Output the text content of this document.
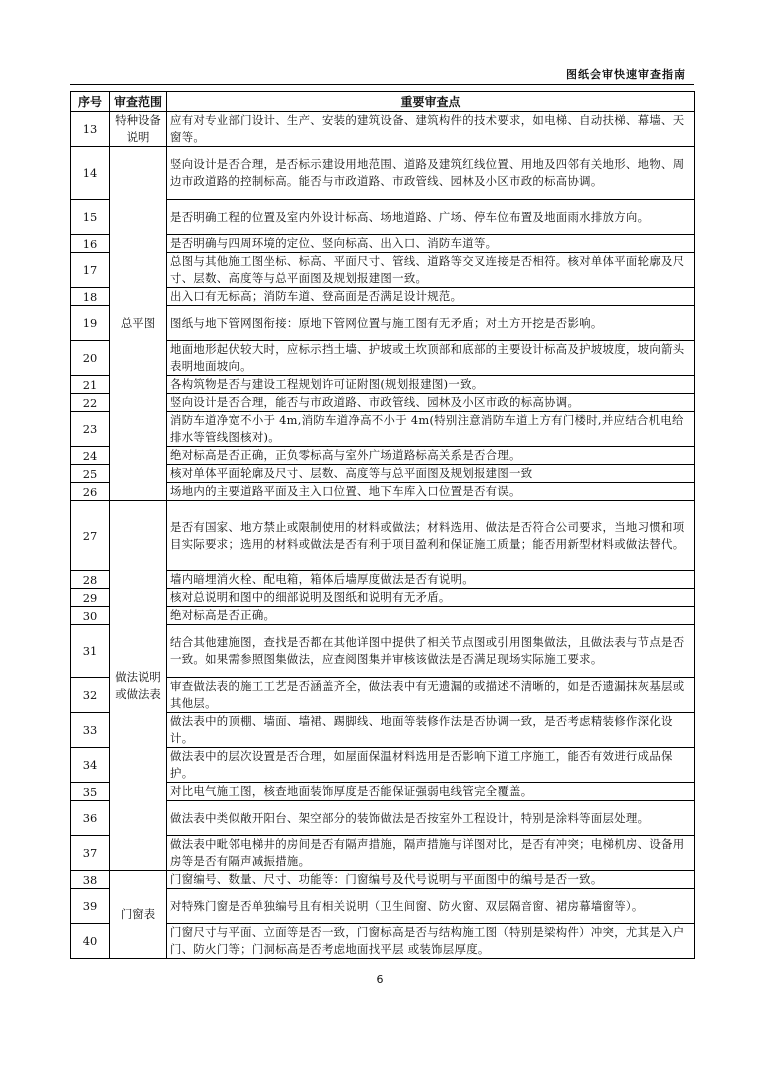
图纸会审快速审查指南
序号	审查范围	重要审查点
13	特种设备说明	应有对专业部门设计、生产、安装的建筑设备、建筑构件的技术要求，如电梯、自动扶梯、幕墙、天窗等。
14	总平图	竖向设计是否合理，是否标示建设用地范围、道路及建筑红线位置、用地及四邻有关地形、地物、周边市政道路的控制标高。能否与市政道路、市政管线、园林及小区市政的标高协调。
15		是否明确工程的位置及室内外设计标高、场地道路、广场、停车位布置及地面雨水排放方向。
16		是否明确与四周环境的定位、竖向标高、出入口、消防车道等。
17		总图与其他施工图坐标、标高、平面尺寸、管线、道路等交叉连接是否相符。核对单体平面轮廓及尺寸、层数、高度等与总平面图及规划报建图一致。
18		出入口有无标高；消防车道、登高面是否满足设计规范。
19		图纸与地下管网图衔接：原地下管网位置与施工图有无矛盾；对土方开挖是否影响。
20		地面地形起伏较大时，应标示挡土墙、护坡或土坎顶部和底部的主要设计标高及护坡坡度，坡向箭头表明地面坡向。
21		各构筑物是否与建设工程规划许可证附图(规划报建图)一致。
22		竖向设计是否合理，能否与市政道路、市政管线、园林及小区市政的标高协调。
23		消防车道净宽不小于 4m,消防车道净高不小于 4m(特别注意消防车道上方有门楼时,并应结合机电给排水等管线图核对)。
24		绝对标高是否正确，正负零标高与室外广场道路标高关系是否合理。
25		核对单体平面轮廓及尺寸、层数、高度等与总平面图及规划报建图一致
26		场地内的主要道路平面及主入口位置、地下车库入口位置是否有误。
27	做法说明或做法表	是否有国家、地方禁止或限制使用的材料或做法；材料选用、做法是否符合公司要求，当地习惯和项目实际要求；选用的材料或做法是否有利于项目盈利和保证施工质量；能否用新型材料或做法替代。
28		墙内暗埋消火栓、配电箱，箱体后墙厚度做法是否有说明。
29		核对总说明和图中的细部说明及图纸和说明有无矛盾。
30		绝对标高是否正确。
31		结合其他建施图，查找是否都在其他详图中提供了相关节点图或引用图集做法，且做法表与节点是否一致。如果需参照图集做法，应查阅图集并审核该做法是否满足现场实际施工要求。
32		审查做法表的施工工艺是否涵盖齐全，做法表中有无遗漏的或描述不清晰的，如是否遗漏抹灰基层或其他层。
33		做法表中的顶棚、墙面、墙裙、踢脚线、地面等装修作法是否协调一致，是否考虑精装修作深化设计。
34		做法表中的层次设置是否合理，如屋面保温材料选用是否影响下道工序施工，能否有效进行成品保护。
35		对比电气施工图，核查地面装饰厚度是否能保证强弱电线管完全覆盖。
36		做法表中类似敞开阳台、架空部分的装饰做法是否按室外工程设计，特别是涂料等面层处理。
37		做法表中毗邻电梯井的房间是否有隔声措施，隔声措施与详图对比，是否有冲突；电梯机房、设备用房等是否有隔声减振措施。
38	门窗表	门窗编号、数量、尺寸、功能等：门窗编号及代号说明与平面图中的编号是否一致。
39		对特殊门窗是否单独编号且有相关说明（卫生间窗、防火窗、双层隔音窗、裙房幕墙窗等）。
40		门窗尺寸与平面、立面等是否一致，门窗标高是否与结构施工图（特别是梁构件）冲突，尤其是入户门、防火门等；门洞标高是否考虑地面找平层 或装饰层厚度。
6
